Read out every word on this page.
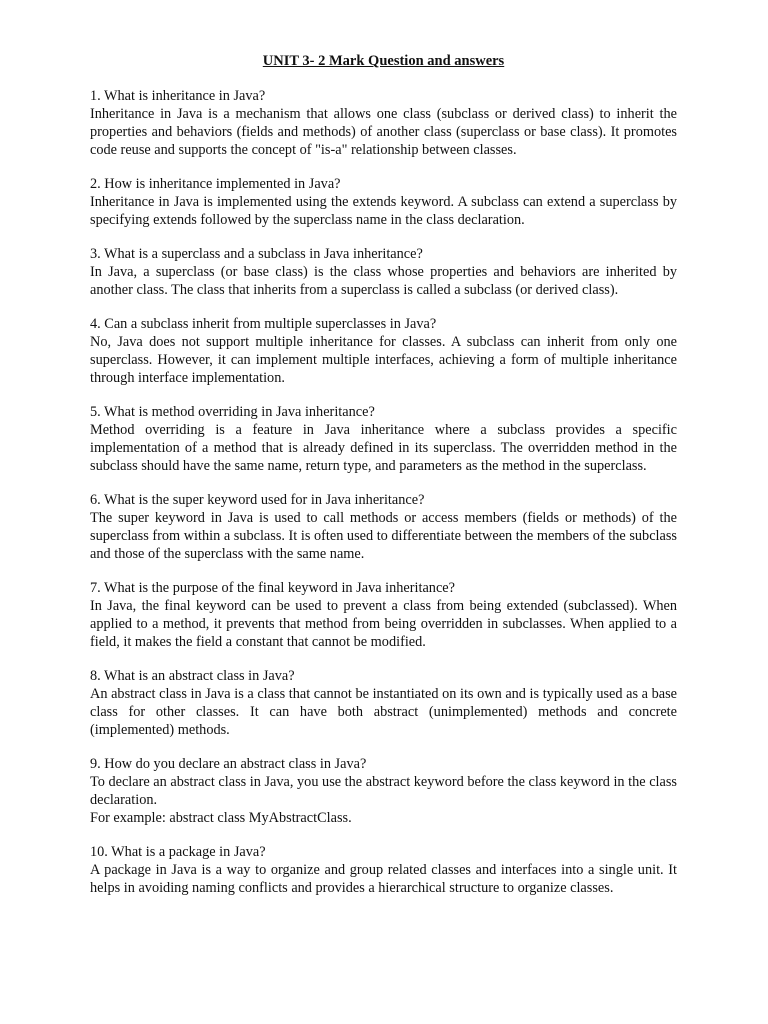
UNIT 3- 2 Mark Question and answers

1. What is inheritance in Java?

Inheritance in Java is a mechanism that allows one class (subclass or derived class) to inherit the properties and behaviors (fields and methods) of another class (superclass or base class). It promotes code reuse and supports the concept of "is-a" relationship between classes.

2. How is inheritance implemented in Java?

Inheritance in Java is implemented using the extends keyword. A subclass can extend a superclass by specifying extends followed by the superclass name in the class declaration.

3. What is a superclass and a subclass in Java inheritance?

In Java, a superclass (or base class) is the class whose properties and behaviors are inherited by another class. The class that inherits from a superclass is called a subclass (or derived class).

4. Can a subclass inherit from multiple superclasses in Java?

No, Java does not support multiple inheritance for classes. A subclass can inherit from only one superclass. However, it can implement multiple interfaces, achieving a form of multiple inheritance through interface implementation.

5. What is method overriding in Java inheritance?

Method overriding is a feature in Java inheritance where a subclass provides a specific implementation of a method that is already defined in its superclass. The overridden method in the subclass should have the same name, return type, and parameters as the method in the superclass.

6. What is the super keyword used for in Java inheritance?

The super keyword in Java is used to call methods or access members (fields or methods) of the superclass from within a subclass. It is often used to differentiate between the members of the subclass and those of the superclass with the same name.

7. What is the purpose of the final keyword in Java inheritance?

In Java, the final keyword can be used to prevent a class from being extended (subclassed). When applied to a method, it prevents that method from being overridden in subclasses. When applied to a field, it makes the field a constant that cannot be modified.

8. What is an abstract class in Java?

An abstract class in Java is a class that cannot be instantiated on its own and is typically used as a base class for other classes. It can have both abstract (unimplemented) methods and concrete (implemented) methods.

9. How do you declare an abstract class in Java?

To declare an abstract class in Java, you use the abstract keyword before the class keyword in the class declaration.

For example: abstract class MyAbstractClass.

10. What is a package in Java?

A package in Java is a way to organize and group related classes and interfaces into a single unit. It helps in avoiding naming conflicts and provides a hierarchical structure to organize classes.
